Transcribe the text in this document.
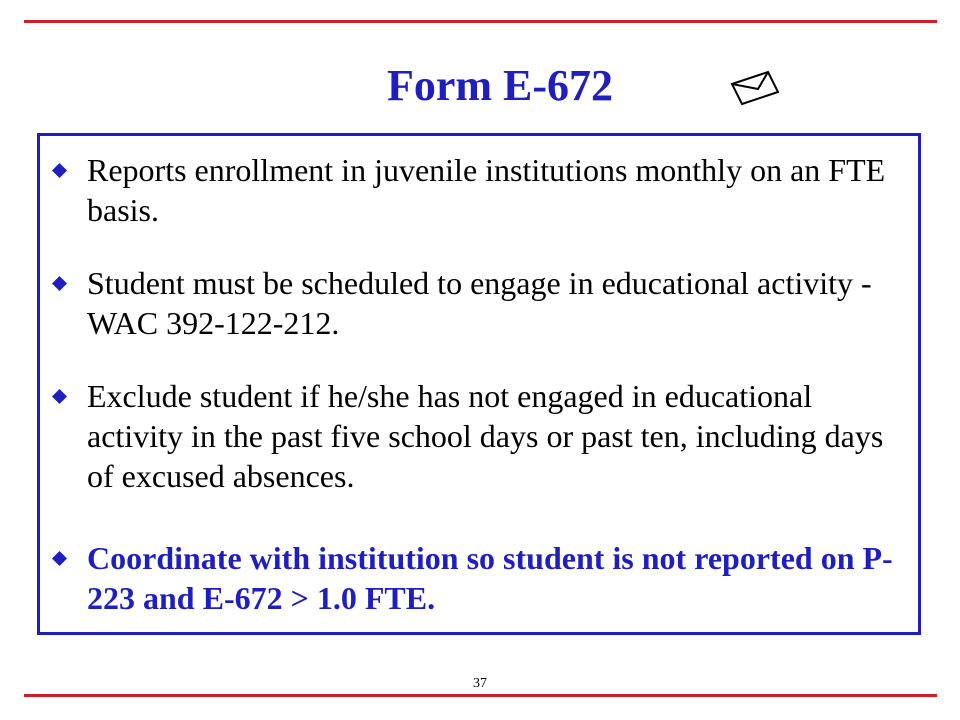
Form E-672
Reports enrollment in juvenile institutions monthly on an FTE basis.
Student must be scheduled to engage in educational activity - WAC 392-122-212.
Exclude student if he/she has not engaged in educational activity in the past five school days or past ten, including days of excused absences.
Coordinate with institution so student is not reported on P-223 and E-672 > 1.0 FTE.
37
